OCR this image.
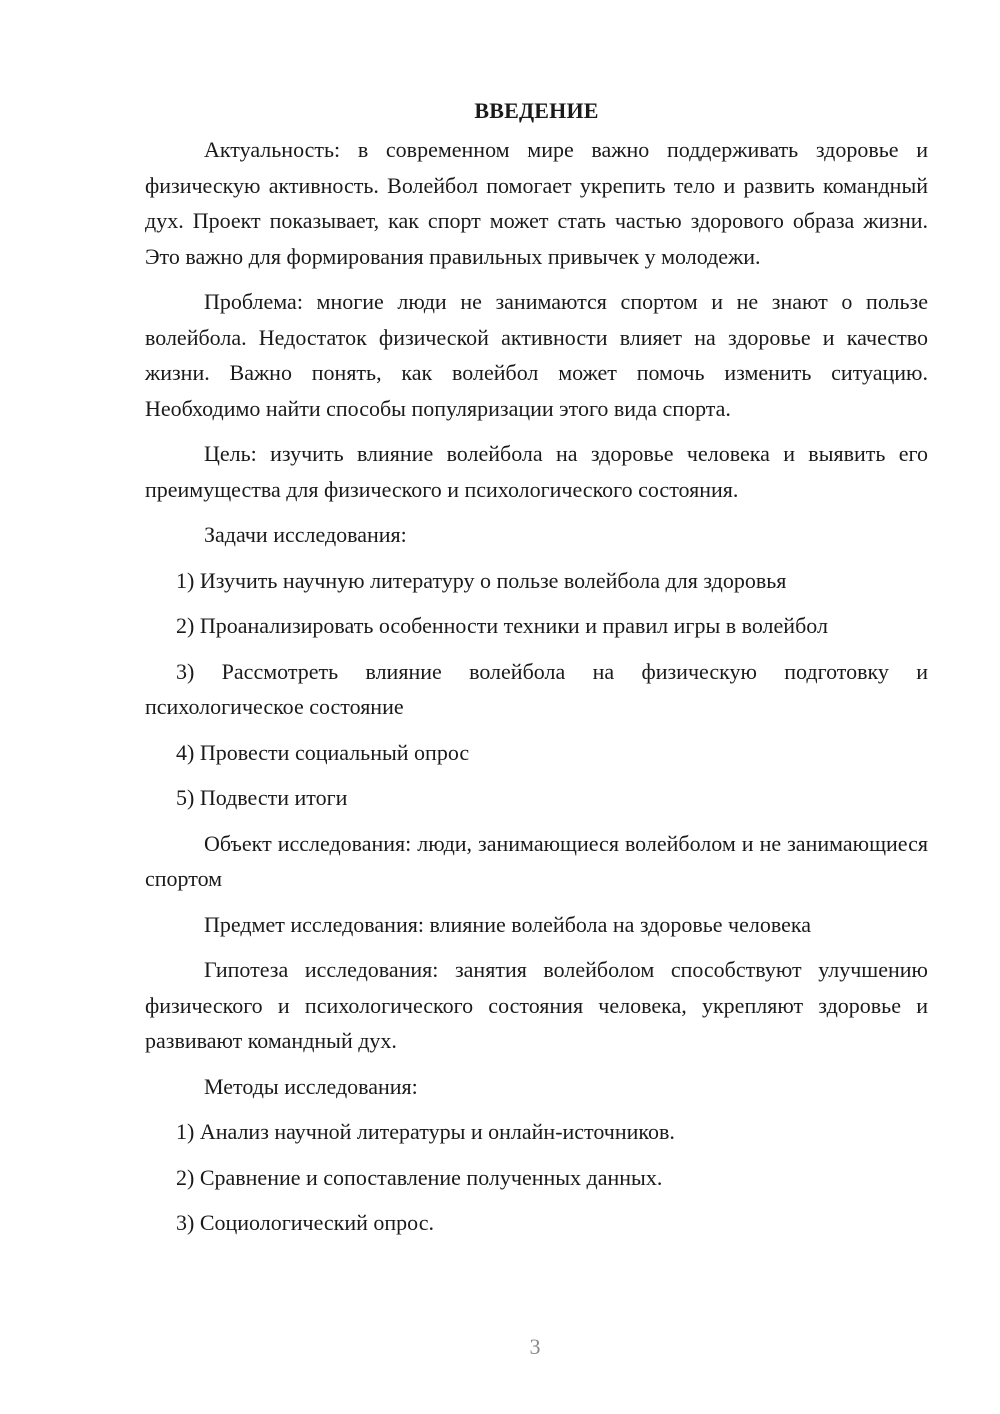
ВВЕДЕНИЕ

Актуальность: в современном мире важно поддерживать здоровье и физическую активность. Волейбол помогает укрепить тело и развить командный дух. Проект показывает, как спорт может стать частью здорового образа жизни. Это важно для формирования правильных привычек у молодежи.

Проблема: многие люди не занимаются спортом и не знают о пользе волейбола. Недостаток физической активности влияет на здоровье и качество жизни. Важно понять, как волейбол может помочь изменить ситуацию. Необходимо найти способы популяризации этого вида спорта.

Цель: изучить влияние волейбола на здоровье человека и выявить его преимущества для физического и психологического состояния.

Задачи исследования:

1) Изучить научную литературу о пользе волейбола для здоровья

2) Проанализировать особенности техники и правил игры в волейбол

3) Рассмотреть влияние волейбола на физическую подготовку и психологическое состояние

4) Провести социальный опрос

5) Подвести итоги

Объект исследования: люди, занимающиеся волейболом и не занимающиеся спортом

Предмет исследования: влияние волейбола на здоровье человека

Гипотеза исследования: занятия волейболом способствуют улучшению физического и психологического состояния человека, укрепляют здоровье и развивают командный дух.

Методы исследования:

1) Анализ научной литературы и онлайн-источников.

2) Сравнение и сопоставление полученных данных.

3) Социологический опрос.

3
